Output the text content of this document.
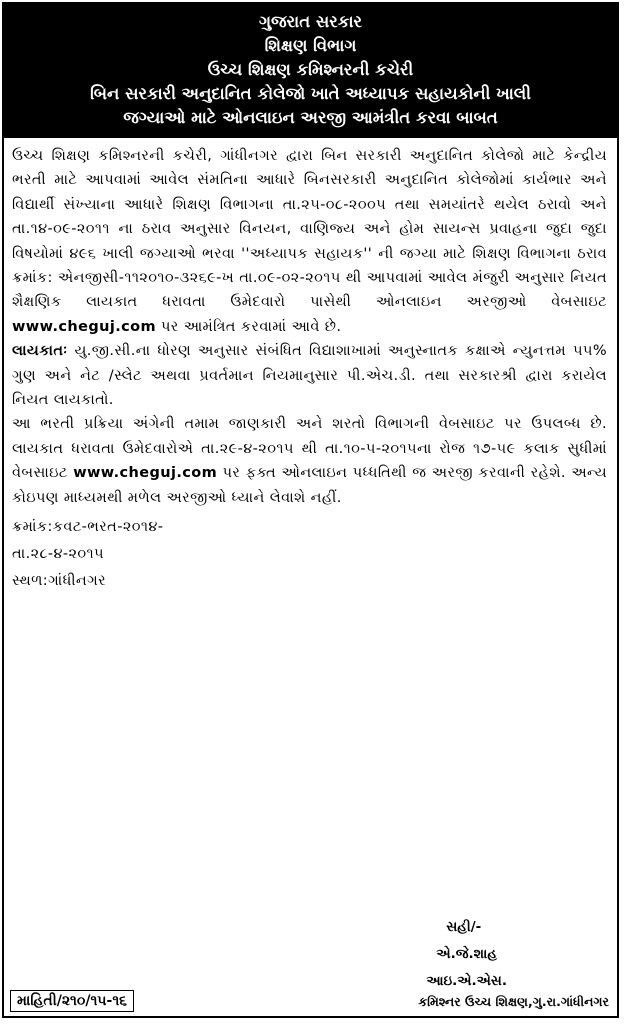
ગુજરાત સરકાર
શિક્ષણ વિભાગ
ઉચ્ચ શિક્ષણ કમિશ્નરની કચેરી
બિન સરકારી અનુદાનિત કોલેજો ખાતે અધ્યાપક સહાયકોની ખાલી
જગ્યાઓ માટે ઓનલાઇન અરજી આમંત્રીત કરવા બાબત

ઉચ્ચ શિક્ષણ કમિશ્નરની કચેરી, ગાંધીનગર દ્વારા બિન સરકારી અનુદાનિત કોલેજો માટે કેન્દ્રીય ભરતી માટે આપવામાં આવેલ સંમતિના આધારે બિનસરકારી અનુદાનિત કોલેજોમાં કાર્યભાર અને વિદ્યાર્થી સંખ્યાના આધારે શિક્ષણ વિભાગના તા.૨૫-૦૮-૨૦૦૫ તથા સમયાંતરે થયેલ ઠરાવો અને તા.૧૪-૦૯-૨૦૧૧ ના ઠરાવ અનુસાર વિનયન, વાણિજ્ય અને હોમ સાયન્સ પ્રવાહના જુદા જુદા વિષયોમાં ૪૯૬ ખાલી જગ્યાઓ ભરવા ''અધ્યાપક સહાયક'' ની જગ્યા માટે શિક્ષણ વિભાગના ઠરાવ ક્રમાંક: એનજીસી-૧૧૨૦૧૦-૩૨૬૯-ખ તા.૦૯-૦૨-૨૦૧૫ થી આપવામાં આવેલ મંજુરી અનુસાર નિયત શૈક્ષણિક લાયકાત ધરાવતા ઉમેદવારો પાસેથી ઓનલાઇન અરજીઓ વેબસાઇટ www.cheguj.com પર આમંત્રિત કરવામાં આવે છે.

લાયકાતઃ યુ.જી.સી.ના ધોરણ અનુસાર સંબંધિત વિદ્યાશાખામાં અનુસ્નાતક કક્ષાએ ન્યુનત્તમ ૫૫% ગુણ અને નેટ /સ્લેટ અથવા પ્રવર્તમાન નિયમાનુસાર પી.એચ.ડી. તથા સરકારશ્રી દ્વારા કરાયેલ નિયત લાયકાતો.

આ ભરતી પ્રક્રિયા અંગેની તમામ જાણકારી અને શરતો વિભાગની વેબસાઇટ પર ઉપલબ્ધ છે. લાયકાત ધરાવતા ઉમેદવારોએ તા.૨૯-૪-૨૦૧૫ થી તા.૧૦-૫-૨૦૧૫ના રોજ ૧૭-૫૯ કલાક સુધીમાં વેબસાઇટ www.cheguj.com પર ફક્ત ઓનલાઇન પધ્ધતિથી જ અરજી કરવાની રહેશે. અન્ય કોઇપણ માધ્યમથી મળેલ અરજીઓ ધ્યાને લેવાશે નહીં.

ક્રમાંક:કવટ-ભરત-૨૦૧૪-
તા.૨૮-૪-૨૦૧૫
સ્થળ:ગાંધીનગર
સહી/-
એ.જે.શાહ
આઇ.એ.એસ.
માહિતી/૨૧૦/૧૫-૧૬	કમિશ્નર ઉચ્ચ શિક્ષણ,ગુ.રા.ગાંધીનગર
